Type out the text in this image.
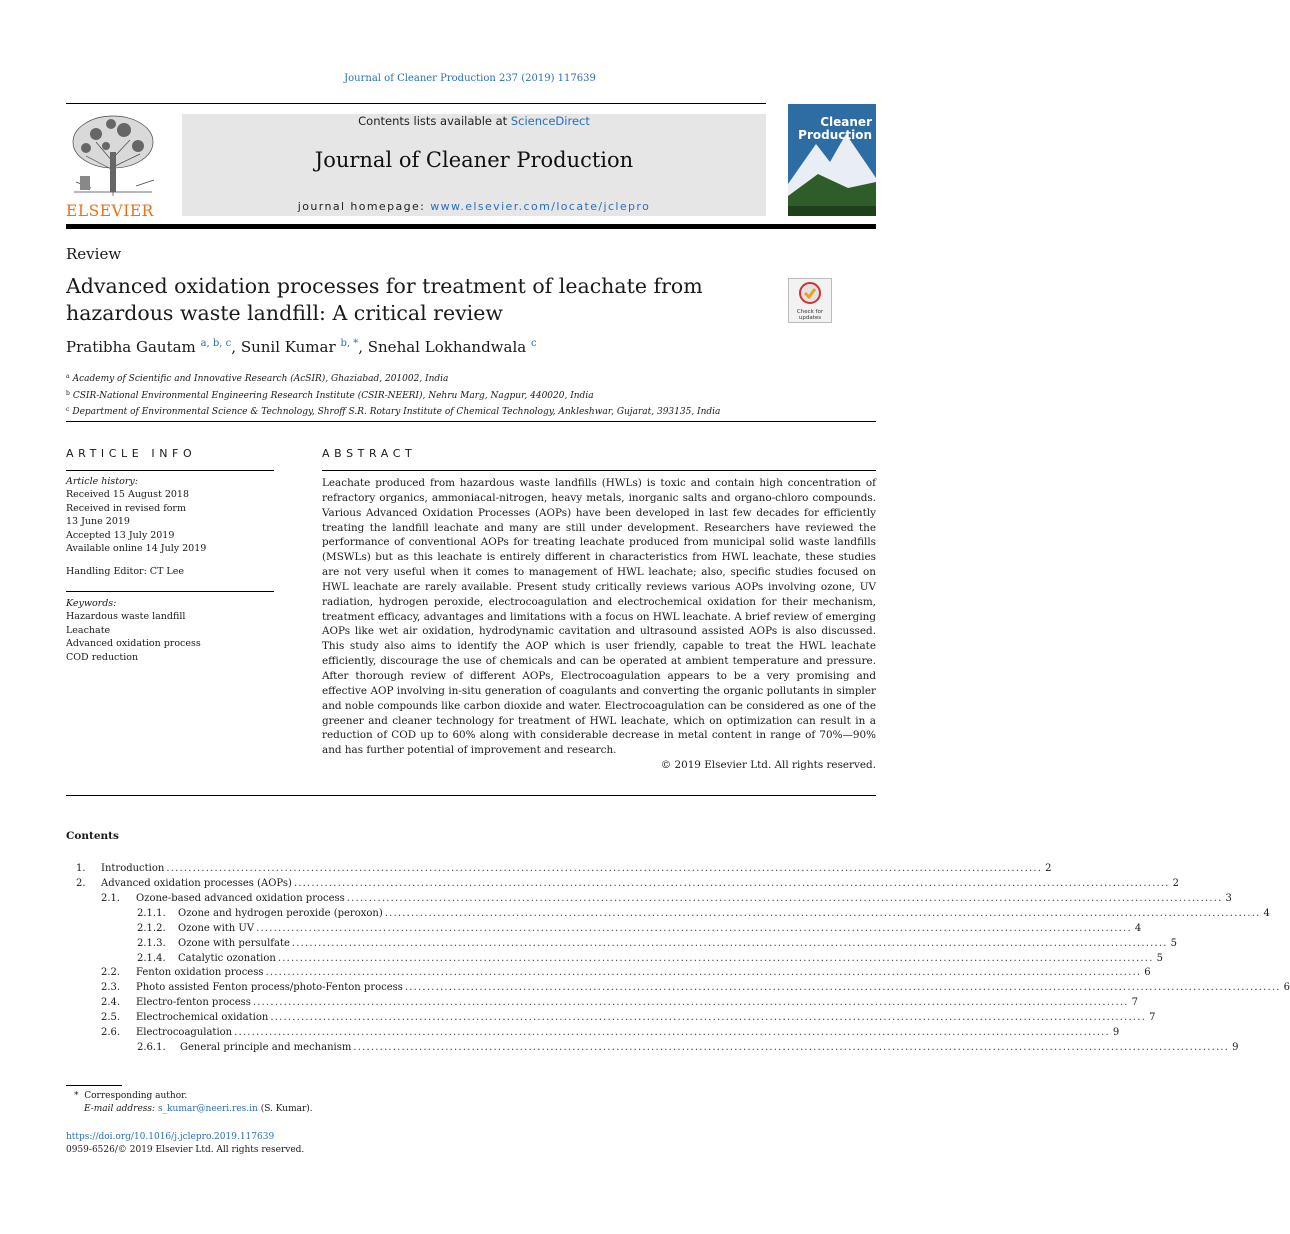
Journal of Cleaner Production 237 (2019) 117639
ELSEVIER
Contents lists available at ScienceDirect
Journal of Cleaner Production
journal homepage: www.elsevier.com/locate/jclepro
Cleaner
Production
Review
Advanced oxidation processes for treatment of leachate from hazardous waste landfill: A critical review	Check for updates
Pratibha Gautam $^{a, b, c}$, Sunil Kumar $^{b, *}$, Snehal Lokhandwala $^c$
$^a$ Academy of Scientific and Innovative Research (AcSIR), Ghaziabad, 201002, India
$^b$ CSIR-National Environmental Engineering Research Institute (CSIR-NEERI), Nehru Marg, Nagpur, 440020, India
$^c$ Department of Environmental Science & Technology, Shroff S.R. Rotary Institute of Chemical Technology, Ankleshwar, Gujarat, 393135, India
ARTICLE INFO
Article history:
Received 15 August 2018
Received in revised form
13 June 2019
Accepted 13 July 2019
Available online 14 July 2019
Handling Editor: CT Lee
Keywords:
Hazardous waste landfill
Leachate
Advanced oxidation process
COD reduction
ABSTRACT
Leachate produced from hazardous waste landfills (HWLs) is toxic and contain high concentration of refractory organics, ammoniacal-nitrogen, heavy metals, inorganic salts and organo-chloro compounds. Various Advanced Oxidation Processes (AOPs) have been developed in last few decades for efficiently treating the landfill leachate and many are still under development. Researchers have reviewed the performance of conventional AOPs for treating leachate produced from municipal solid waste landfills (MSWLs) but as this leachate is entirely different in characteristics from HWL leachate, these studies are not very useful when it comes to management of HWL leachate; also, specific studies focused on HWL leachate are rarely available. Present study critically reviews various AOPs involving ozone, UV radiation, hydrogen peroxide, electrocoagulation and electrochemical oxidation for their mechanism, treatment efficacy, advantages and limitations with a focus on HWL leachate. A brief review of emerging AOPs like wet air oxidation, hydrodynamic cavitation and ultrasound assisted AOPs is also discussed. This study also aims to identify the AOP which is user friendly, capable to treat the HWL leachate efficiently, discourage the use of chemicals and can be operated at ambient temperature and pressure. After thorough review of different AOPs, Electrocoagulation appears to be a very promising and effective AOP involving in-situ generation of coagulants and converting the organic pollutants in simpler and noble compounds like carbon dioxide and water. Electrocoagulation can be considered as one of the greener and cleaner technology for treatment of HWL leachate, which on optimization can result in a reduction of COD up to 60% along with considerable decrease in metal content in range of 70%—90% and has further potential of improvement and research.
© 2019 Elsevier Ltd. All rights reserved.
Contents
1. Introduction ........................................................................................................................................................................................................ 2
2. Advanced oxidation processes (AOPs) ........................................................................................................................................................................................................ 2
2.1. Ozone-based advanced oxidation process ........................................................................................................................................................................................................ 3
2.1.1. Ozone and hydrogen peroxide (peroxon) ........................................................................................................................................................................................................ 4
2.1.2. Ozone with UV ........................................................................................................................................................................................................ 4
2.1.3. Ozone with persulfate ........................................................................................................................................................................................................ 5
2.1.4. Catalytic ozonation ........................................................................................................................................................................................................ 5
2.2. Fenton oxidation process ........................................................................................................................................................................................................ 6
2.3. Photo assisted Fenton process/photo-Fenton process ........................................................................................................................................................................................................ 6
2.4. Electro-fenton process ........................................................................................................................................................................................................ 7
2.5. Electrochemical oxidation ........................................................................................................................................................................................................ 7
2.6. Electrocoagulation ........................................................................................................................................................................................................ 9
2.6.1. General principle and mechanism ........................................................................................................................................................................................................ 9
* Corresponding author.
E-mail address: s_kumar@neeri.res.in (S. Kumar).
https://doi.org/10.1016/j.jclepro.2019.117639
0959-6526/© 2019 Elsevier Ltd. All rights reserved.
